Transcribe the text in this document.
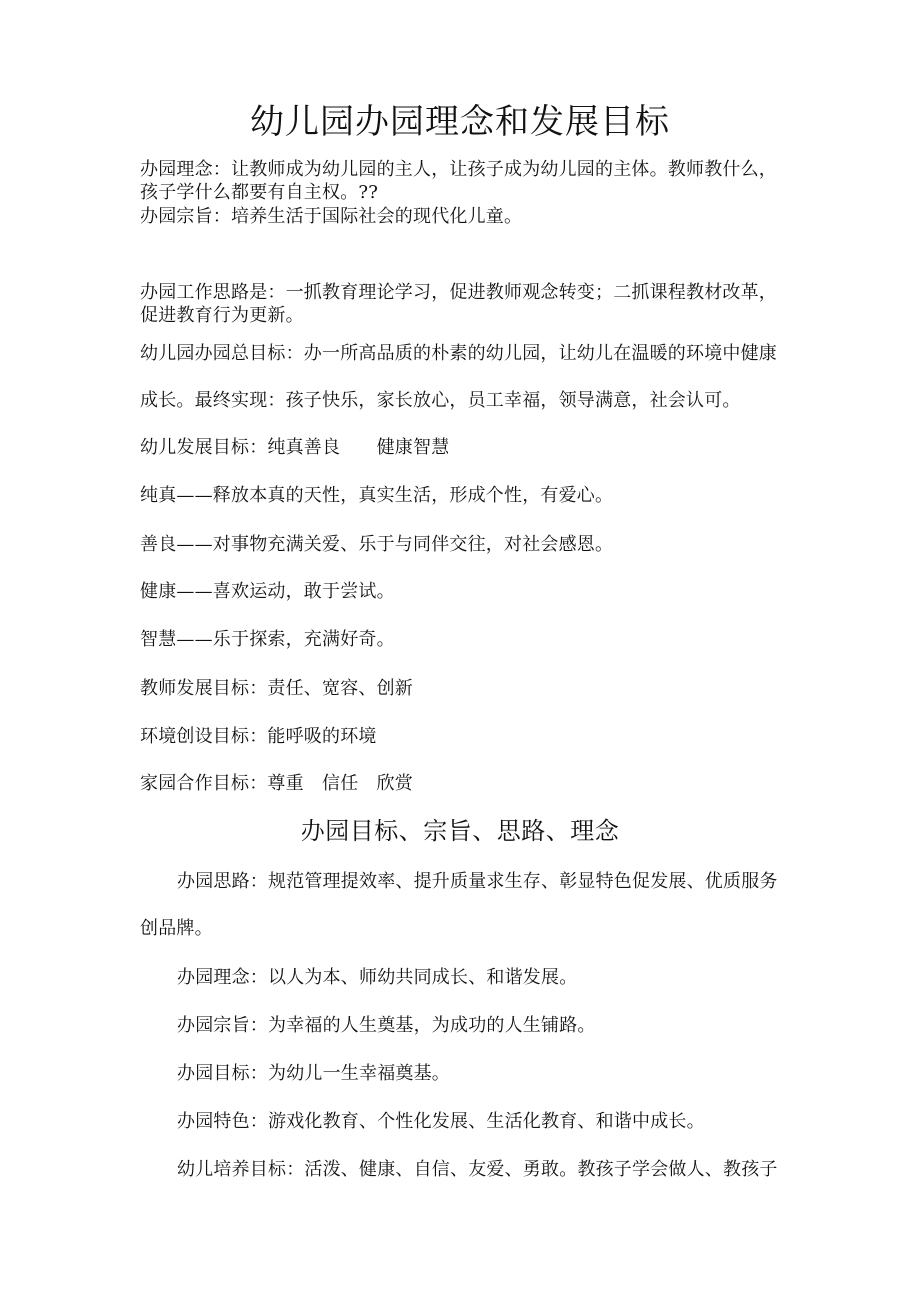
幼儿园办园理念和发展目标
办园理念：让教师成为幼儿园的主人，让孩子成为幼儿园的主体。教师教什么，
孩子学什么都要有自主权。??
办园宗旨：培养生活于国际社会的现代化儿童。
办园工作思路是：一抓教育理论学习，促进教师观念转变；二抓课程教材改革，
促进教育行为更新。
幼儿园办园总目标：办一所高品质的朴素的幼儿园，让幼儿在温暖的环境中健康
成长。最终实现：孩子快乐，家长放心，员工幸福，领导满意，社会认可。
幼儿发展目标：纯真善良　　健康智慧
纯真——释放本真的天性，真实生活，形成个性，有爱心。
善良——对事物充满关爱、乐于与同伴交往，对社会感恩。
健康——喜欢运动，敢于尝试。
智慧——乐于探索，充满好奇。
教师发展目标：责任、宽容、创新
环境创设目标：能呼吸的环境
家园合作目标：尊重　信任　欣赏
办园目标、宗旨、思路、理念
办园思路：规范管理提效率、提升质量求生存、彰显特色促发展、优质服务
创品牌。
办园理念：以人为本、师幼共同成长、和谐发展。
办园宗旨：为幸福的人生奠基，为成功的人生铺路。
办园目标：为幼儿一生幸福奠基。
办园特色：游戏化教育、个性化发展、生活化教育、和谐中成长。
幼儿培养目标：活泼、健康、自信、友爱、勇敢。教孩子学会做人、教孩子
